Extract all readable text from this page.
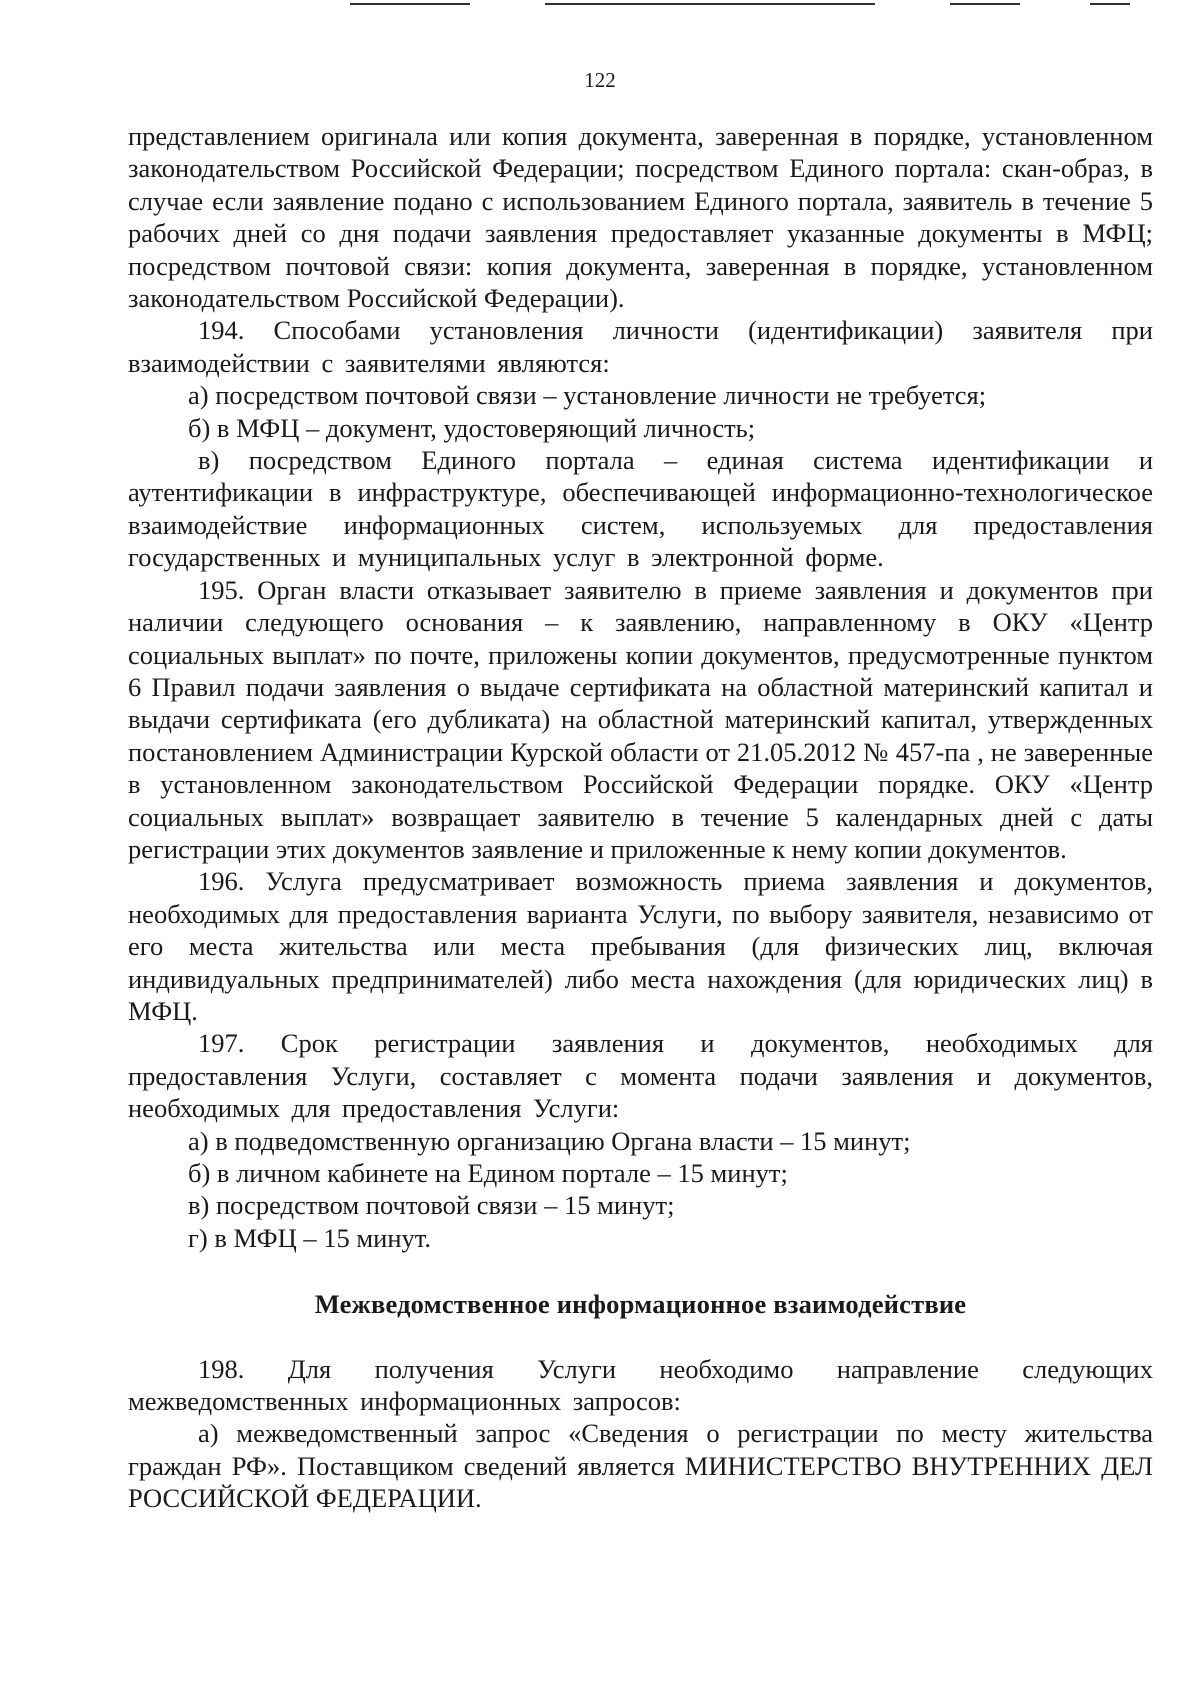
122

представлением оригинала или копия документа, заверенная в порядке, установленном законодательством Российской Федерации; посредством Единого портала: скан-образ, в случае если заявление подано с использованием Единого портала, заявитель в течение 5 рабочих дней со дня подачи заявления предоставляет указанные документы в МФЦ; посредством почтовой связи: копия документа, заверенная в порядке, установленном законодательством Российской Федерации).

194. Способами установления личности (идентификации) заявителя при взаимодействии с заявителями являются:

а) посредством почтовой связи – установление личности не требуется;

б) в МФЦ – документ, удостоверяющий личность;

в) посредством Единого портала – единая система идентификации и аутентификации в инфраструктуре, обеспечивающей информационно-технологическое взаимодействие информационных систем, используемых для предоставления государственных и муниципальных услуг в электронной форме.

195. Орган власти отказывает заявителю в приеме заявления и документов при наличии следующего основания – к заявлению, направленному в ОКУ «Центр социальных выплат» по почте, приложены копии документов, предусмотренные пунктом 6 Правил подачи заявления о выдаче сертификата на областной материнский капитал и выдачи сертификата (его дубликата) на областной материнский капитал, утвержденных постановлением Администрации Курской области от 21.05.2012 № 457-па , не заверенные в установленном законодательством Российской Федерации порядке. ОКУ «Центр социальных выплат» возвращает заявителю в течение 5 календарных дней с даты регистрации этих документов заявление и приложенные к нему копии документов.

196. Услуга предусматривает возможность приема заявления и документов, необходимых для предоставления варианта Услуги, по выбору заявителя, независимо от его места жительства или места пребывания (для физических лиц, включая индивидуальных предпринимателей) либо места нахождения (для юридических лиц) в МФЦ.

197. Срок регистрации заявления и документов, необходимых для предоставления Услуги, составляет с момента подачи заявления и документов, необходимых для предоставления Услуги:

а) в подведомственную организацию Органа власти – 15 минут;

б) в личном кабинете на Едином портале – 15 минут;

в) посредством почтовой связи – 15 минут;

г) в МФЦ – 15 минут.

Межведомственное информационное взаимодействие

198. Для получения Услуги необходимо направление следующих межведомственных информационных запросов:

а) межведомственный запрос «Сведения о регистрации по месту жительства граждан РФ». Поставщиком сведений является МИНИСТЕРСТВО ВНУТРЕННИХ ДЕЛ РОССИЙСКОЙ ФЕДЕРАЦИИ.
